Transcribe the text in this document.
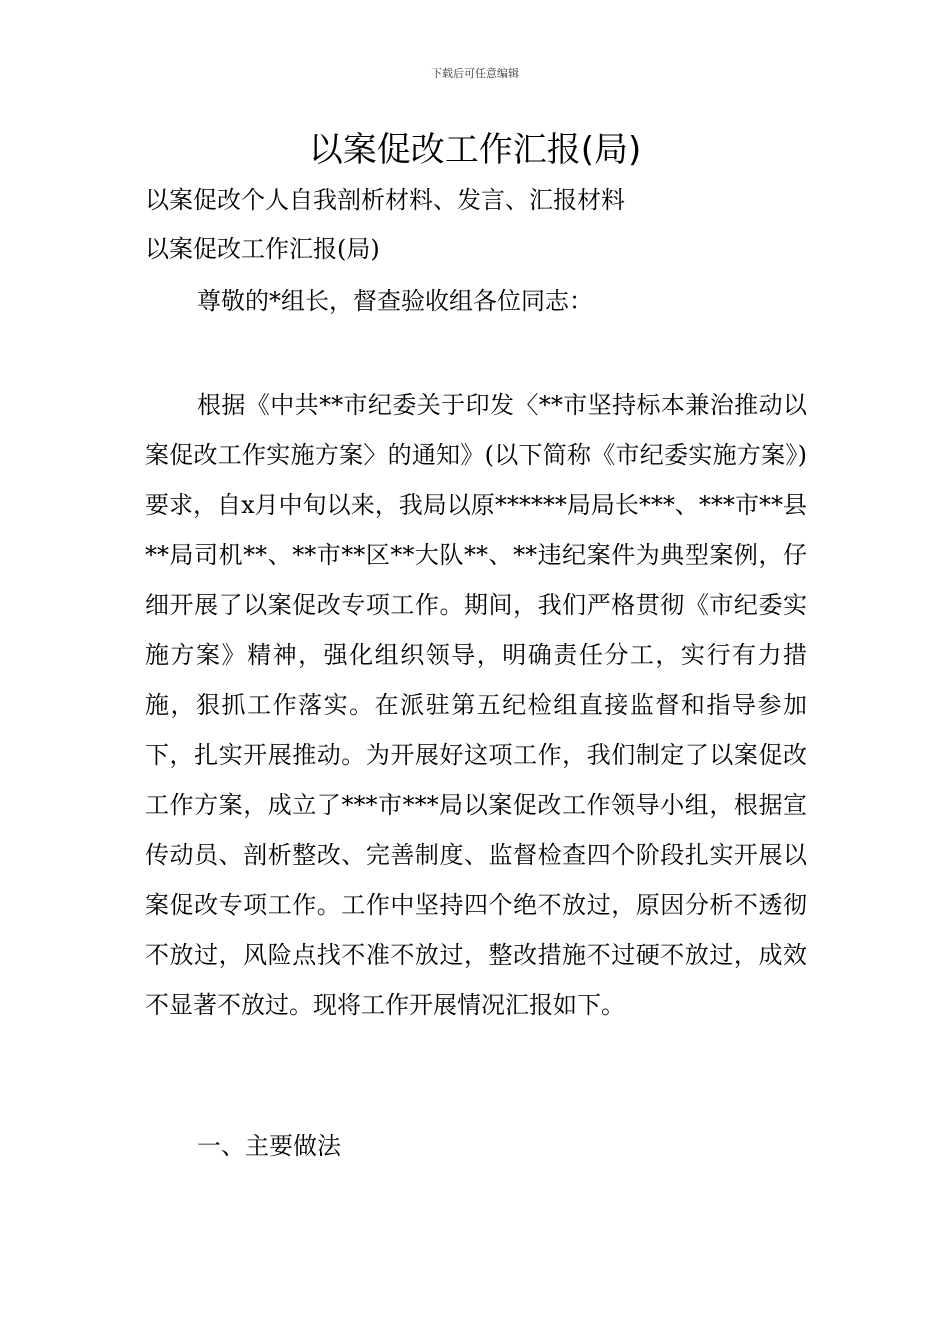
下载后可任意编辑
以案促改工作汇报(局)
以案促改个人自我剖析材料、发言、汇报材料
以案促改工作汇报(局)
尊敬的*组长，督查验收组各位同志：
根据《中共**市纪委关于印发〈**市坚持标本兼治推动以案促改工作实施方案〉的通知》(以下简称《市纪委实施方案》)要求，自x月中旬以来，我局以原******局局长***、***市**县**局司机**、**市**区**大队**、**违纪案件为典型案例，仔细开展了以案促改专项工作。期间，我们严格贯彻《市纪委实施方案》精神，强化组织领导，明确责任分工，实行有力措施，狠抓工作落实。在派驻第五纪检组直接监督和指导参加下，扎实开展推动。为开展好这项工作，我们制定了以案促改工作方案，成立了***市***局以案促改工作领导小组，根据宣传动员、剖析整改、完善制度、监督检查四个阶段扎实开展以案促改专项工作。工作中坚持四个绝不放过，原因分析不透彻不放过，风险点找不准不放过，整改措施不过硬不放过，成效不显著不放过。现将工作开展情况汇报如下。
一、主要做法
